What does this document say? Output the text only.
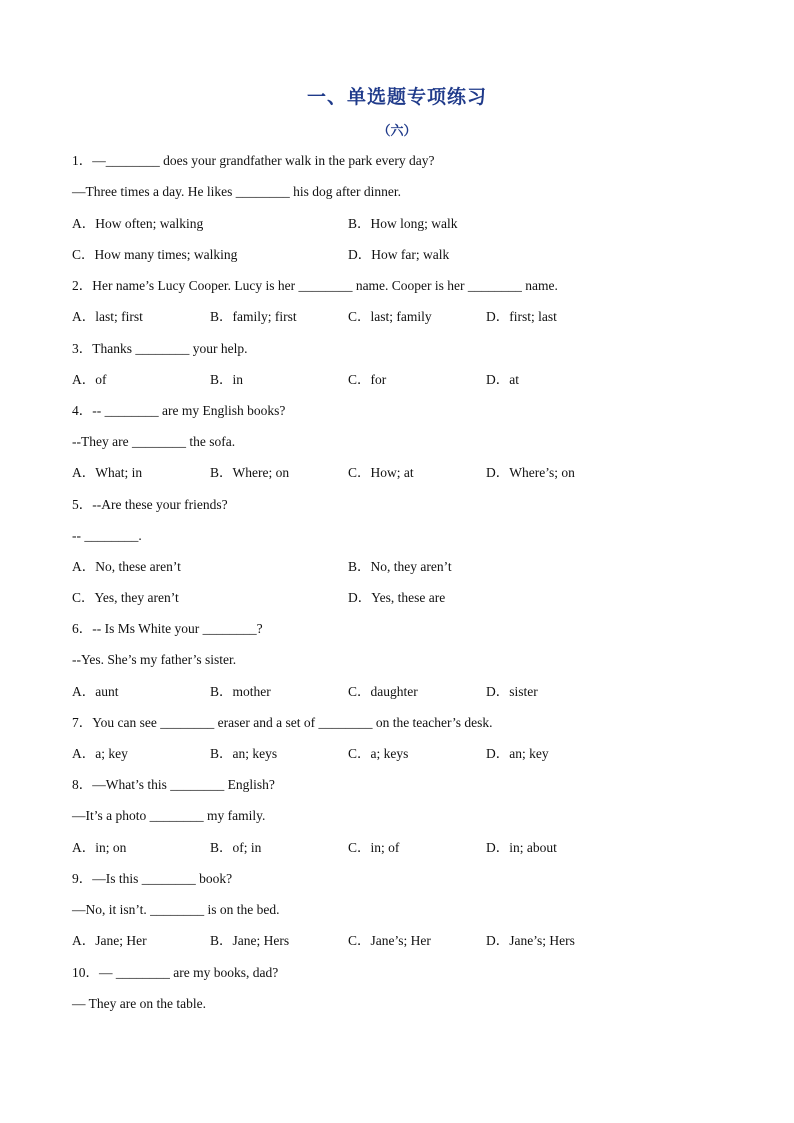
一、单选题专项练习
（六）
1．—________ does your grandfather walk in the park every day?
—Three times a day. He likes ________ his dog after dinner.
A．How often; walking	B．How long; walk
C．How many times; walking	D．How far; walk
2．Her name’s Lucy Cooper. Lucy is her ________ name. Cooper is her ________ name.
A．last; first	B．family; first	C．last; family	D．first; last
3．Thanks ________ your help.
A．of	B．in	C．for	D．at
4．-- ________ are my English books?
--They are ________ the sofa.
A．What; in	B．Where; on	C．How; at	D．Where’s; on
5．--Are these your friends?
-- ________.
A．No, these aren’t	B．No, they aren’t
C．Yes, they aren’t	D．Yes, these are
6．-- Is Ms White your ________?
--Yes. She’s my father’s sister.
A．aunt	B．mother	C．daughter	D．sister
7．You can see ________ eraser and a set of ________ on the teacher’s desk.
A．a; key	B．an; keys	C．a; keys	D．an; key
8．—What’s this ________ English?
—It’s a photo ________ my family.
A．in; on	B．of; in	C．in; of	D．in; about
9．—Is this ________ book?
—No, it isn’t. ________ is on the bed.
A．Jane; Her	B．Jane; Hers	C．Jane’s; Her	D．Jane’s; Hers
10．— ________ are my books, dad?
— They are on the table.
